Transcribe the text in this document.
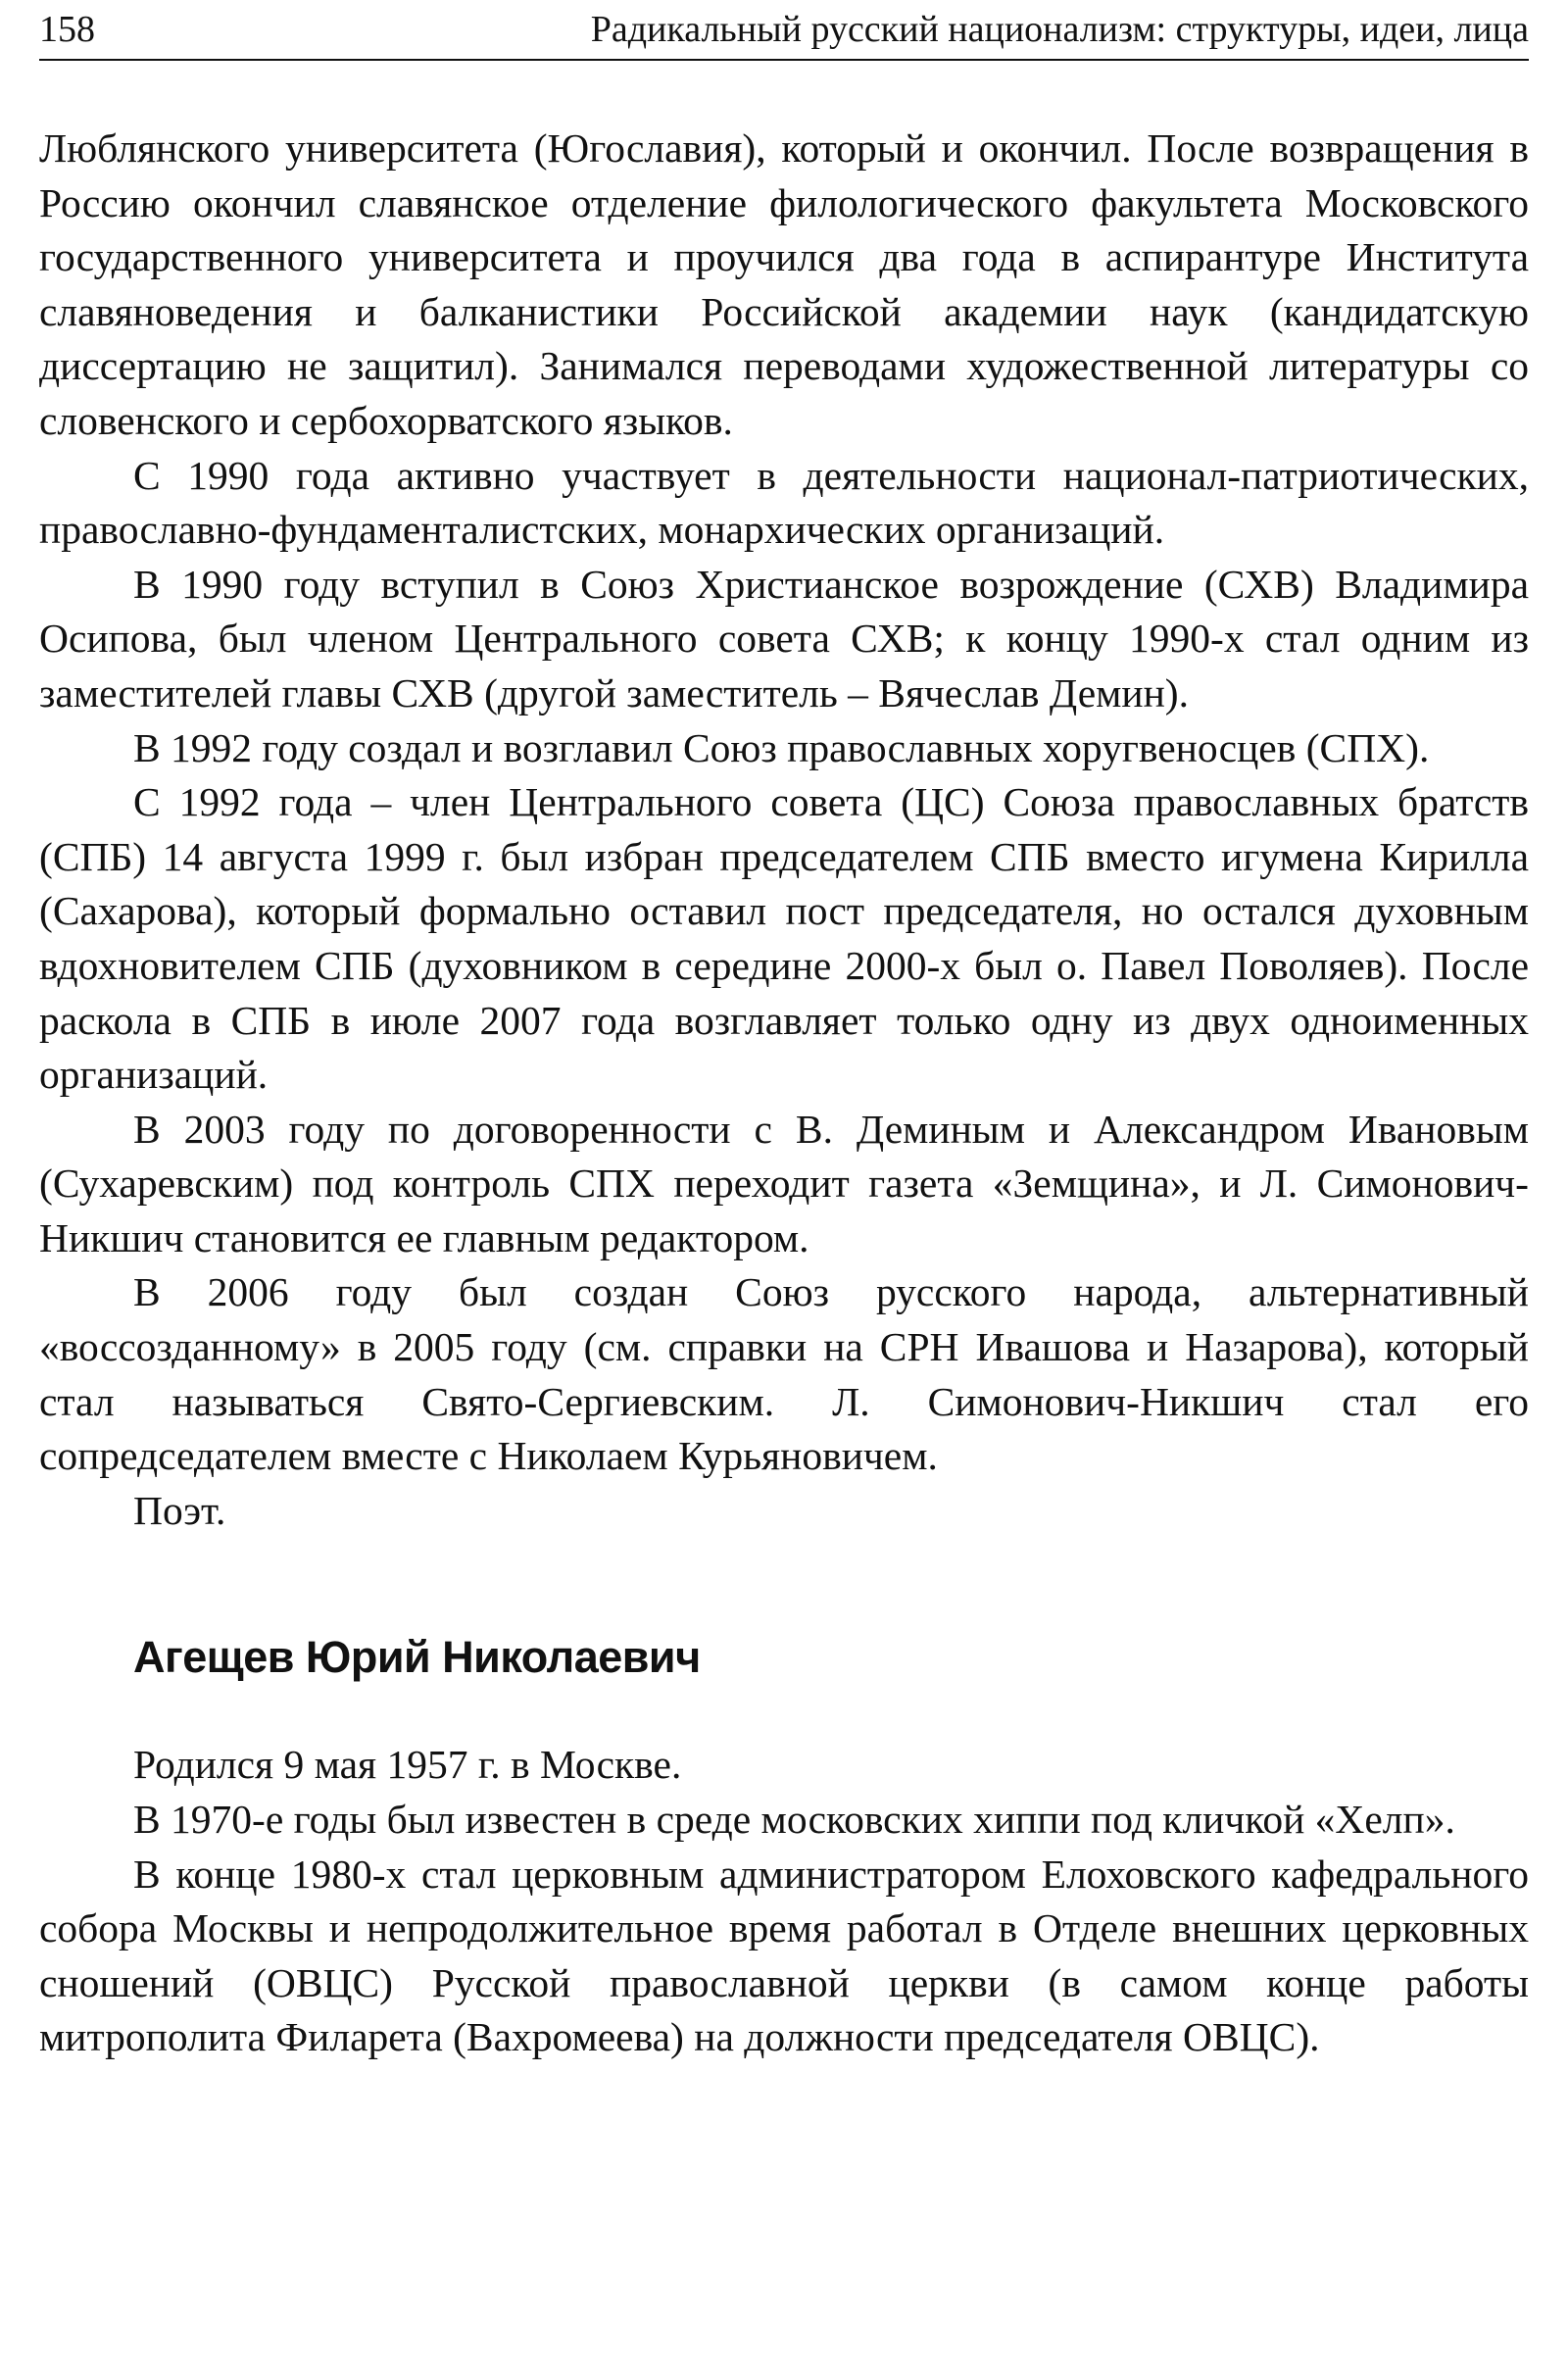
158	Радикальный русский национализм: структуры, идеи, лица

Люблянского университета (Югославия), который и окончил. После возвращения в Россию окончил славянское отделение филологического факультета Московского государственного университета и проучился два года в аспирантуре Института славяноведения и балканистики Российской академии наук (кандидатскую диссертацию не защитил). Занимался переводами художественной литературы со словенского и сербохорватского языков.

С 1990 года активно участвует в деятельности национал-патриотических, православно-фундаменталистских, монархических организаций.

В 1990 году вступил в Союз Христианское возрождение (СХВ) Владимира Осипова, был членом Центрального совета СХВ; к концу 1990-х стал одним из заместителей главы СХВ (другой заместитель – Вячеслав Демин).

В 1992 году создал и возглавил Союз православных хоругвеносцев (СПХ).

С 1992 года – член Центрального совета (ЦС) Союза православных братств (СПБ) 14 августа 1999 г. был избран председателем СПБ вместо игумена Кирилла (Сахарова), который формально оставил пост председателя, но остался духовным вдохновителем СПБ (духовником в середине 2000-х был о. Павел Поволяев). После раскола в СПБ в июле 2007 года возглавляет только одну из двух одноименных организаций.

В 2003 году по договоренности с В. Деминым и Александром Ивановым (Сухаревским) под контроль СПХ переходит газета «Земщина», и Л. Симонович-Никшич становится ее главным редактором.

В 2006 году был создан Союз русского народа, альтернативный «воссозданному» в 2005 году (см. справки на СРН Ивашова и Назарова), который стал называться Свято-Сергиевским. Л. Симонович-Никшич стал его сопредседателем вместе с Николаем Курьяновичем.

Поэт.

Агещев Юрий Николаевич

Родился 9 мая 1957 г. в Москве.

В 1970-е годы был известен в среде московских хиппи под кличкой «Хелп».

В конце 1980-х стал церковным администратором Елоховского кафедрального собора Москвы и непродолжительное время работал в Отделе внешних церковных сношений (ОВЦС) Русской православной церкви (в самом конце работы митрополита Филарета (Вахромеева) на должности председателя ОВЦС).
